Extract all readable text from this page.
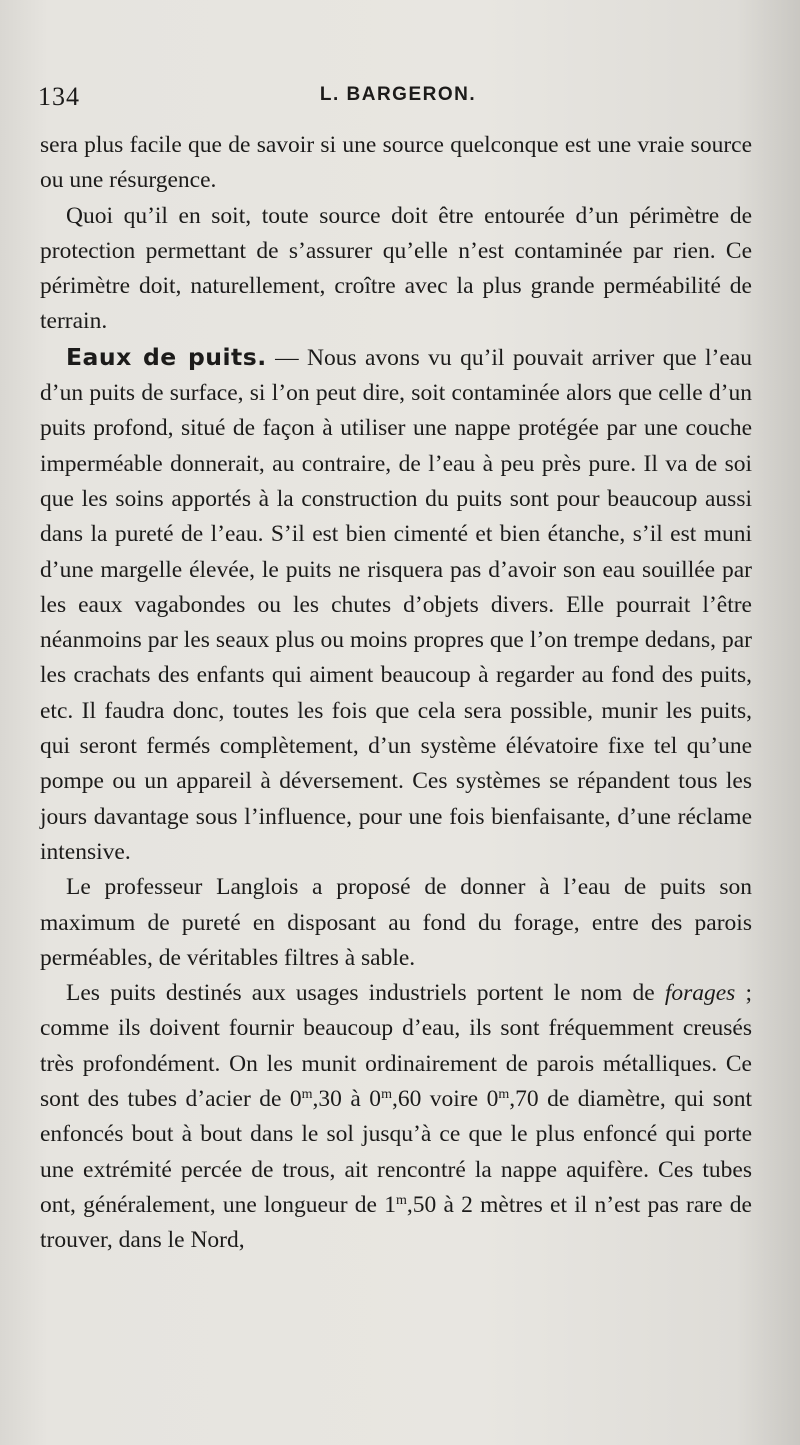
134	L. BARGERON.

sera plus facile que de savoir si une source quelconque est une vraie source ou une résurgence.

Quoi qu’il en soit, toute source doit être entourée d’un périmètre de protection permettant de s’assurer qu’elle n’est contaminée par rien. Ce périmètre doit, naturellement, croître avec la plus grande perméabilité de terrain.

Eaux de puits. — Nous avons vu qu’il pouvait arriver que l’eau d’un puits de surface, si l’on peut dire, soit contaminée alors que celle d’un puits profond, situé de façon à utiliser une nappe protégée par une couche imperméable donnerait, au contraire, de l’eau à peu près pure. Il va de soi que les soins apportés à la construction du puits sont pour beaucoup aussi dans la pureté de l’eau. S’il est bien cimenté et bien étanche, s’il est muni d’une margelle élevée, le puits ne risquera pas d’avoir son eau souillée par les eaux vagabondes ou les chutes d’objets divers. Elle pourrait l’être néanmoins par les seaux plus ou moins propres que l’on trempe dedans, par les crachats des enfants qui aiment beaucoup à regarder au fond des puits, etc. Il faudra donc, toutes les fois que cela sera possible, munir les puits, qui seront fermés complètement, d’un système élévatoire fixe tel qu’une pompe ou un appareil à déversement. Ces systèmes se répandent tous les jours davantage sous l’influence, pour une fois bienfaisante, d’une réclame intensive.

Le professeur Langlois a proposé de donner à l’eau de puits son maximum de pureté en disposant au fond du forage, entre des parois perméables, de véritables filtres à sable.

Les puits destinés aux usages industriels portent le nom de forages ; comme ils doivent fournir beaucoup d’eau, ils sont fréquemment creusés très profondément. On les munit ordinairement de parois métalliques. Ce sont des tubes d’acier de 0$^m$,30 à 0$^m$,60 voire 0$^m$,70 de diamètre, qui sont enfoncés bout à bout dans le sol jusqu’à ce que le plus enfoncé qui porte une extrémité percée de trous, ait rencontré la nappe aquifère. Ces tubes ont, généralement, une longueur de 1$^m$,50 à 2 mètres et il n’est pas rare de trouver, dans le Nord,
